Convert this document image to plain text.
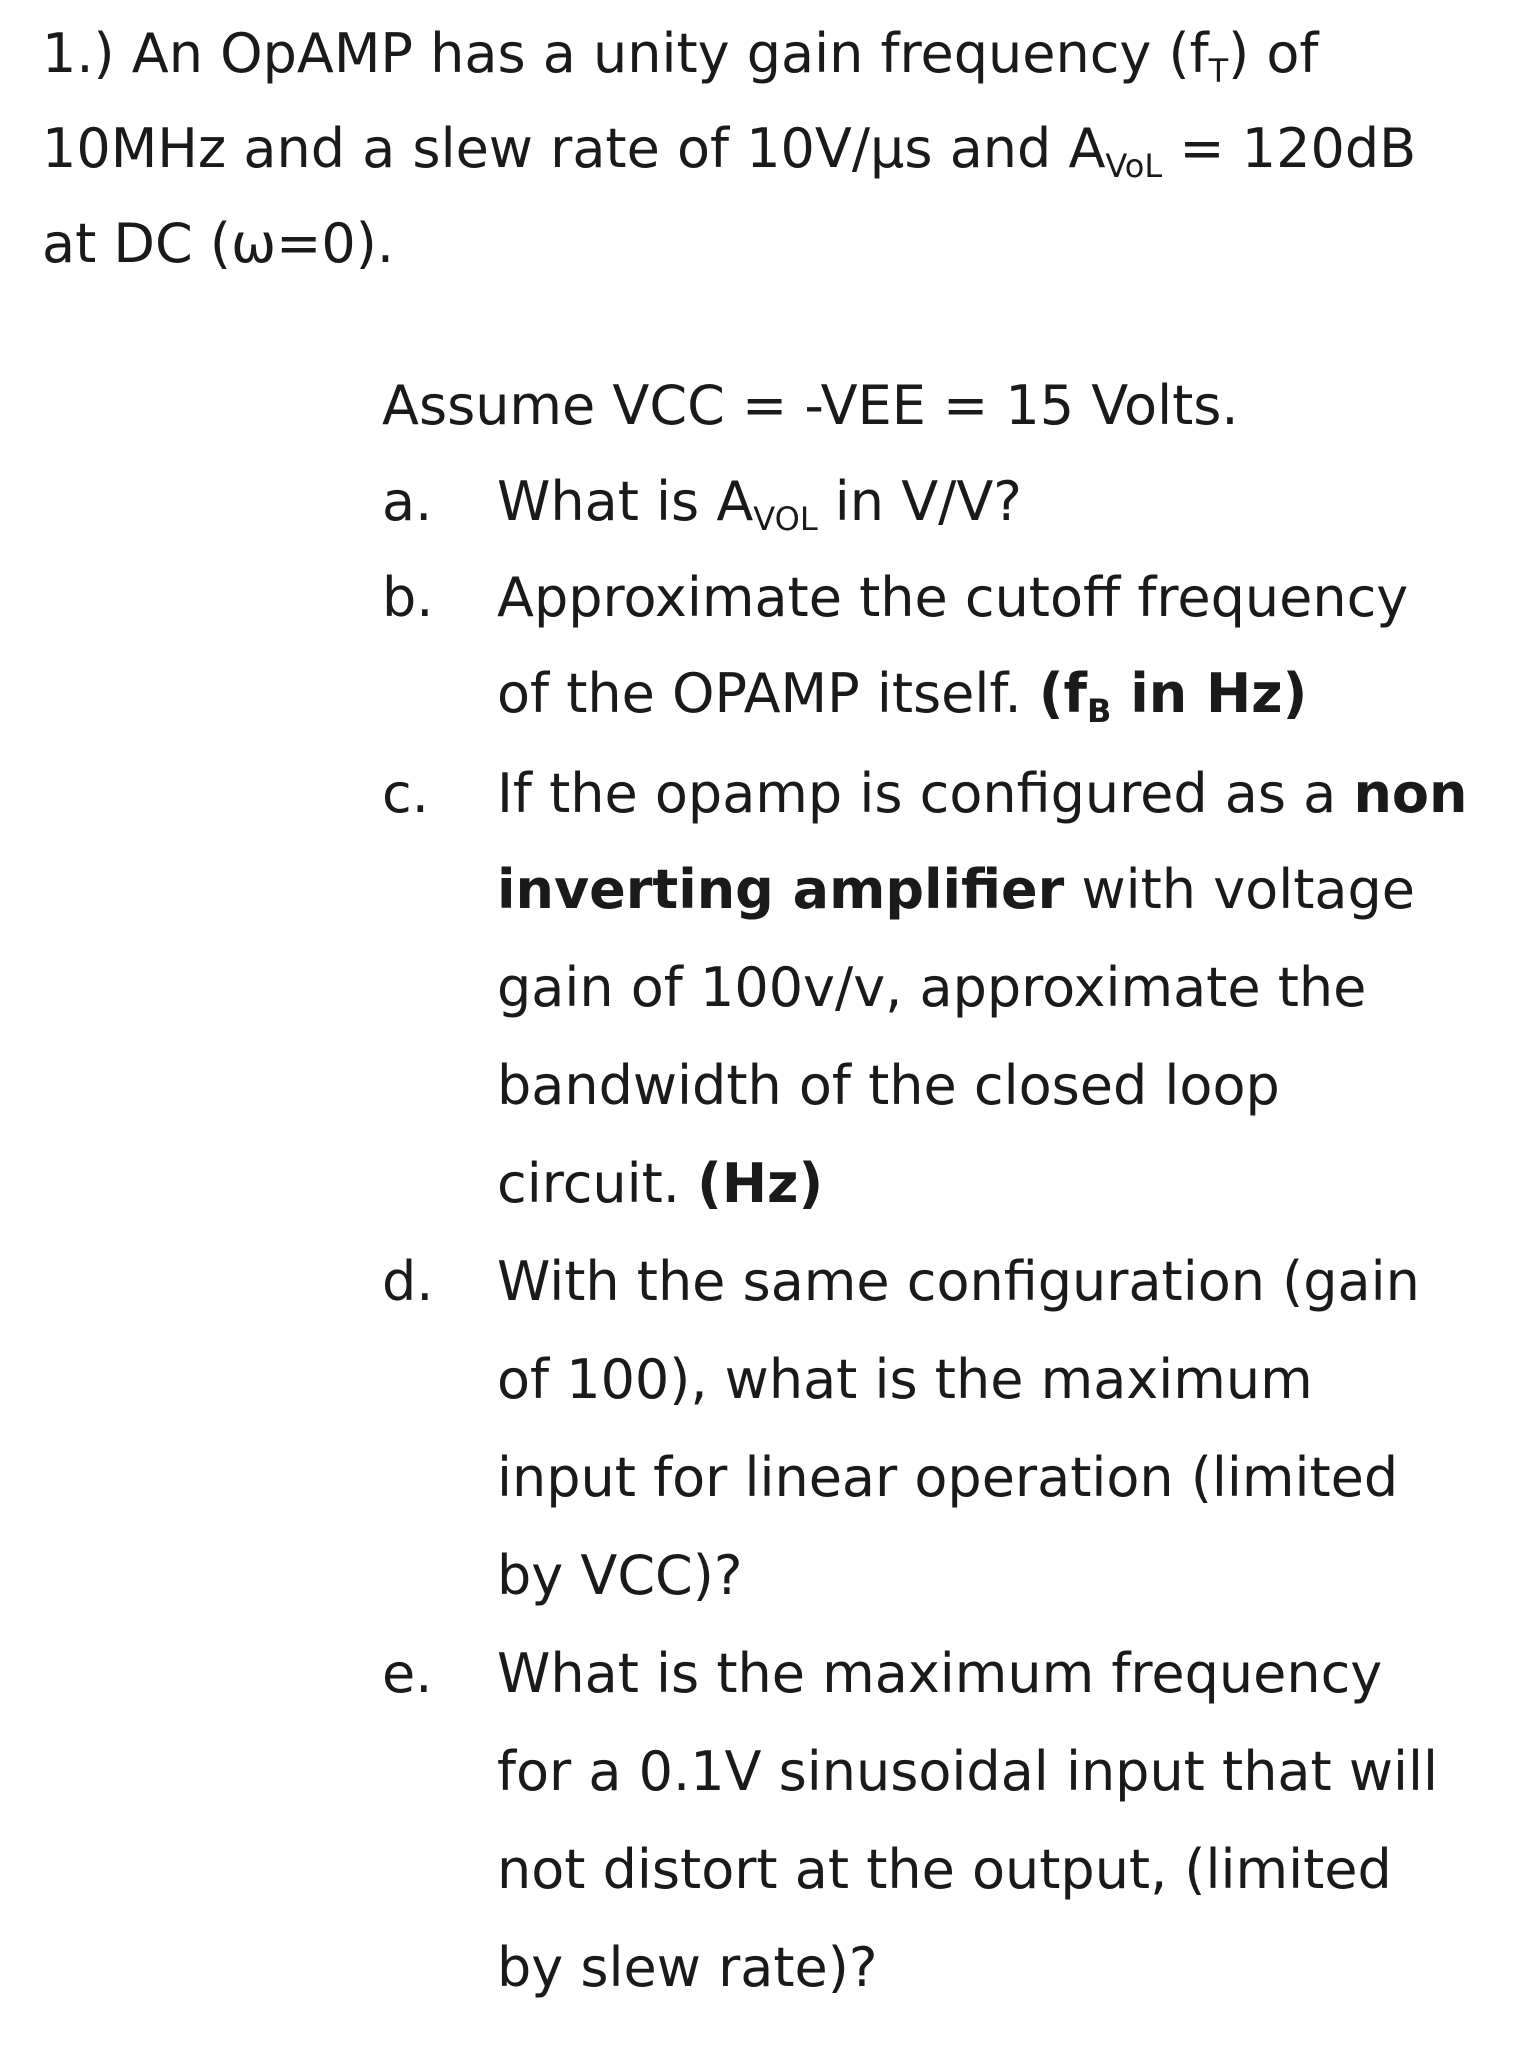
1.) An OpAMP has a unity gain frequency $(f_T)$ of
10MHz and a slew rate of 10V/µs and $A_{VoL} = 120dB$
at DC (ω=0).
Assume VCC = -VEE = 15 Volts.
a. What is $A_{VOL}$ in V/V?
b. Approximate the cutoff frequency
of the OPAMP itself. ($f_B$ in Hz)
c. If the opamp is configured as a non
inverting amplifier with voltage
gain of 100v/v, approximate the
bandwidth of the closed loop
circuit. (Hz)
d. With the same configuration (gain
of 100), what is the maximum
input for linear operation (limited
by VCC)?
e. What is the maximum frequency
for a 0.1V sinusoidal input that will
not distort at the output, (limited
by slew rate)?
